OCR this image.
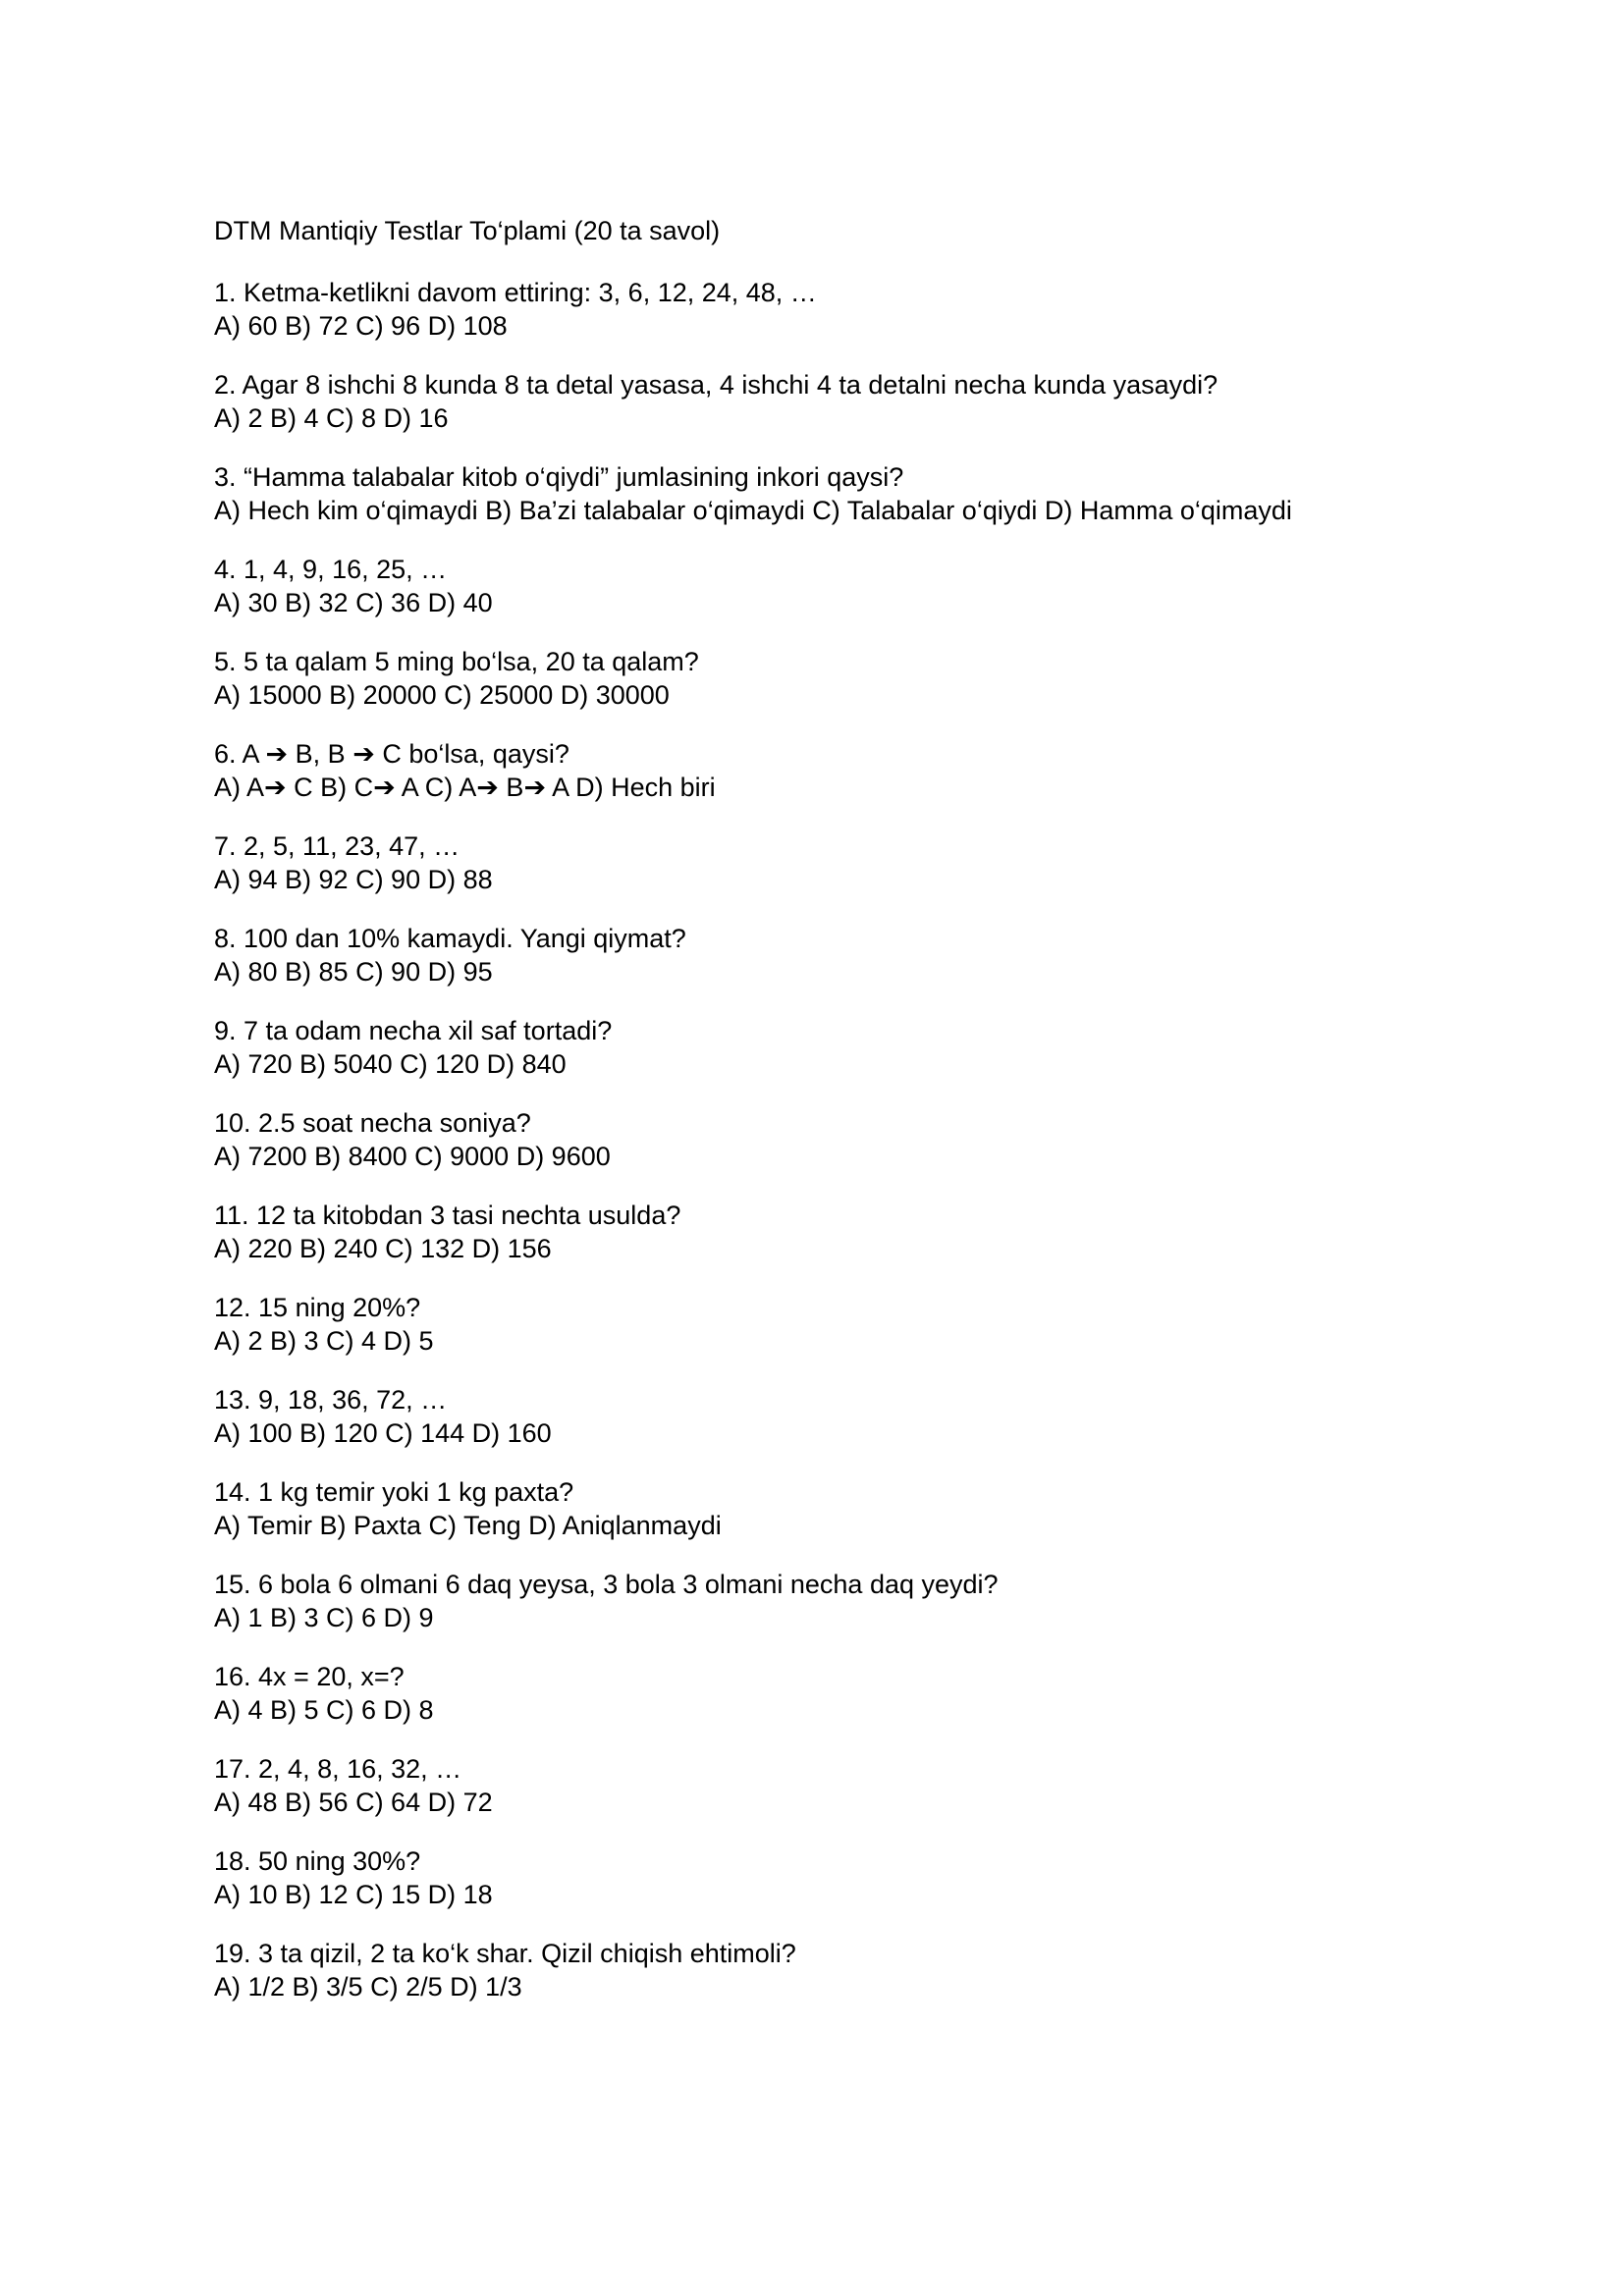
DTM Mantiqiy Testlar To‘plami (20 ta savol)
1. Ketma-ketlikni davom ettiring: 3, 6, 12, 24, 48, …
A) 60 B) 72 C) 96 D) 108
2. Agar 8 ishchi 8 kunda 8 ta detal yasasa, 4 ishchi 4 ta detalni necha kunda yasaydi?
A) 2 B) 4 C) 8 D) 16
3. “Hamma talabalar kitob o‘qiydi” jumlasining inkori qaysi?
A) Hech kim o‘qimaydi B) Ba’zi talabalar o‘qimaydi C) Talabalar o‘qiydi D) Hamma o‘qimaydi
4. 1, 4, 9, 16, 25, …
A) 30 B) 32 C) 36 D) 40
5. 5 ta qalam 5 ming bo‘lsa, 20 ta qalam?
A) 15000 B) 20000 C) 25000 D) 30000
6. A ➔ B, B ➔ C bo‘lsa, qaysi?
A) A➔ C B) C➔ A C) A➔ B➔ A D) Hech biri
7. 2, 5, 11, 23, 47, …
A) 94 B) 92 C) 90 D) 88
8. 100 dan 10% kamaydi. Yangi qiymat?
A) 80 B) 85 C) 90 D) 95
9. 7 ta odam necha xil saf tortadi?
A) 720 B) 5040 C) 120 D) 840
10. 2.5 soat necha soniya?
A) 7200 B) 8400 C) 9000 D) 9600
11. 12 ta kitobdan 3 tasi nechta usulda?
A) 220 B) 240 C) 132 D) 156
12. 15 ning 20%?
A) 2 B) 3 C) 4 D) 5
13. 9, 18, 36, 72, …
A) 100 B) 120 C) 144 D) 160
14. 1 kg temir yoki 1 kg paxta?
A) Temir B) Paxta C) Teng D) Aniqlanmaydi
15. 6 bola 6 olmani 6 daq yeysa, 3 bola 3 olmani necha daq yeydi?
A) 1 B) 3 C) 6 D) 9
16. 4x = 20, x=?
A) 4 B) 5 C) 6 D) 8
17. 2, 4, 8, 16, 32, …
A) 48 B) 56 C) 64 D) 72
18. 50 ning 30%?
A) 10 B) 12 C) 15 D) 18
19. 3 ta qizil, 2 ta ko‘k shar. Qizil chiqish ehtimoli?
A) 1/2 B) 3/5 C) 2/5 D) 1/3
